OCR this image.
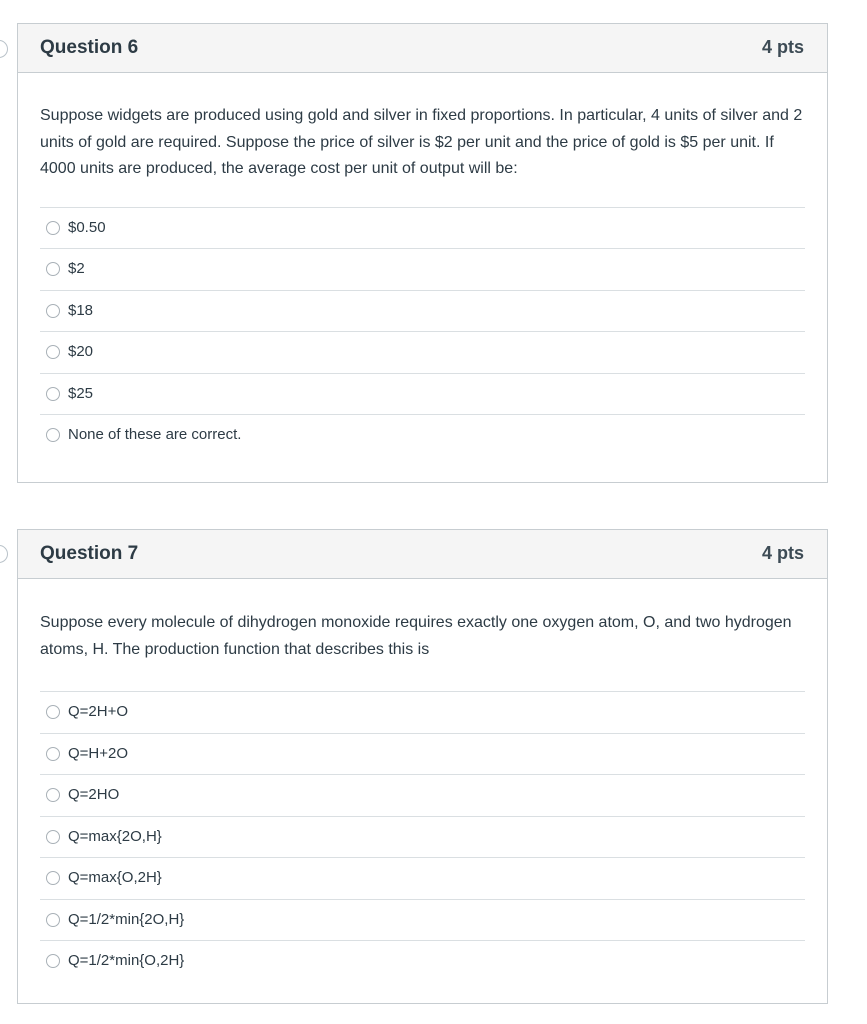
Question 6	4 pts

Suppose widgets are produced using gold and silver in fixed proportions. In particular, 4 units of silver and 2 units of gold are required. Suppose the price of silver is $2 per unit and the price of gold is $5 per unit. If 4000 units are produced, the average cost per unit of output will be:

$0.50
$2
$18
$20
$25
None of these are correct.
Question 7	4 pts

Suppose every molecule of dihydrogen monoxide requires exactly one oxygen atom, O, and two hydrogen atoms, H. The production function that describes this is

Q=2H+O
Q=H+2O
Q=2HO
Q=max{2O,H}
Q=max{O,2H}
Q=1/2*min{2O,H}
Q=1/2*min{O,2H}
